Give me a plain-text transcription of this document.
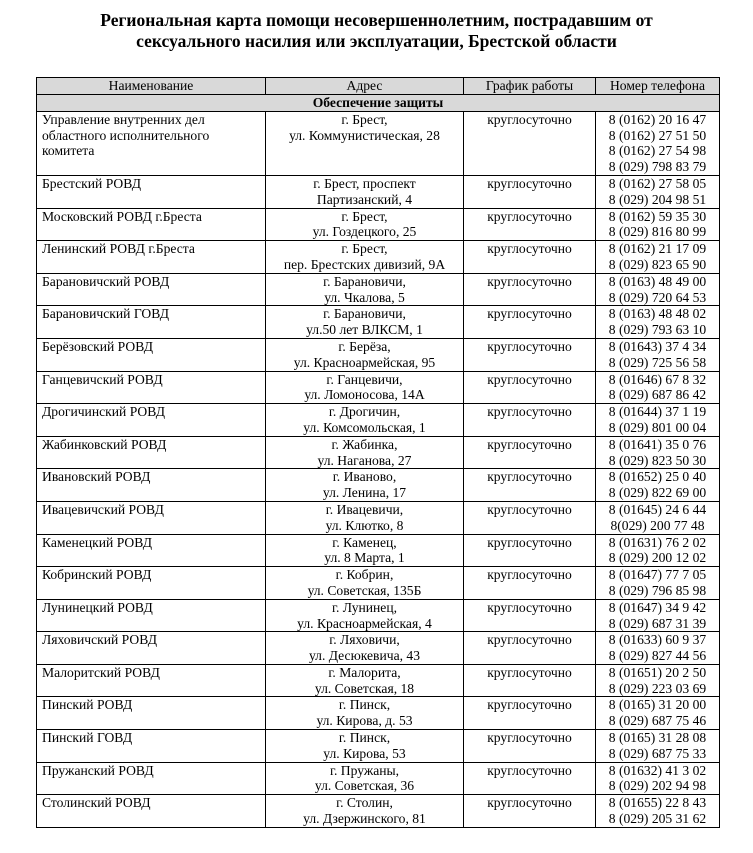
Региональная карта помощи несовершеннолетним, пострадавшим от
сексуального насилия или эксплуатации, Брестской области
Наименование	Адрес	График работы	Номер телефона
Обеспечение защиты			

Управление внутренних дел
областного исполнительного
комитета	г. Брест,
ул. Коммунистическая, 28	круглосуточно	8 (0162) 20 16 47
8 (0162) 27 51 50
8 (0162) 27 54 98
8 (029) 798 83 79

Брестский РОВД	г. Брест, проспект
Партизанский, 4	круглосуточно	8 (0162) 27 58 05
8 (029) 204 98 51

Московский РОВД г.Бреста	г. Брест,
ул. Гоздецкого, 25	круглосуточно	8 (0162) 59 35 30
8 (029) 816 80 99

Ленинский РОВД г.Бреста	г. Брест,
пер. Брестских дивизий, 9А	круглосуточно	8 (0162) 21 17 09
8 (029) 823 65 90

Барановичский РОВД	г. Барановичи,
ул. Чкалова, 5	круглосуточно	8 (0163) 48 49 00
8 (029) 720 64 53

Барановичский ГОВД	г. Барановичи,
ул.50 лет ВЛКСМ, 1	круглосуточно	8 (0163) 48 48 02
8 (029) 793 63 10

Берёзовский РОВД	г. Берёза,
ул. Красноармейская, 95	круглосуточно	8 (01643) 37 4 34
8 (029) 725 56 58

Ганцевичский РОВД	г. Ганцевичи,
ул. Ломоносова, 14А	круглосуточно	8 (01646) 67 8 32
8 (029) 687 86 42

Дрогичинский РОВД	г. Дрогичин,
ул. Комсомольская, 1	круглосуточно	8 (01644) 37 1 19
8 (029) 801 00 04

Жабинковский РОВД	г. Жабинка,
ул. Наганова, 27	круглосуточно	8 (01641) 35 0 76
8 (029) 823 50 30

Ивановский РОВД	г. Иваново,
ул. Ленина, 17	круглосуточно	8 (01652) 25 0 40
8 (029) 822 69 00

Ивацевичский РОВД	г. Ивацевичи,
ул. Клютко, 8	круглосуточно	8 (01645) 24 6 44
8(029) 200 77 48

Каменецкий РОВД	г. Каменец,
ул. 8 Марта, 1	круглосуточно	8 (01631) 76 2 02
8 (029) 200 12 02

Кобринский РОВД	г. Кобрин,
ул. Советская, 135Б	круглосуточно	8 (01647) 77 7 05
8 (029) 796 85 98

Лунинецкий РОВД	г. Лунинец,
ул. Красноармейская, 4	круглосуточно	8 (01647) 34 9 42
8 (029) 687 31 39

Ляховичский РОВД	г. Ляховичи,
ул. Десюкевича, 43	круглосуточно	8 (01633) 60 9 37
8 (029) 827 44 56

Малоритский РОВД	г. Малорита,
ул. Советская, 18	круглосуточно	8 (01651) 20 2 50
8 (029) 223 03 69

Пинский РОВД	г. Пинск,
ул. Кирова, д. 53	круглосуточно	8 (0165) 31 20 00
8 (029) 687 75 46

Пинский ГОВД	г. Пинск,
ул. Кирова, 53	круглосуточно	8 (0165) 31 28 08
8 (029) 687 75 33

Пружанский РОВД	г. Пружаны,
ул. Советская, 36	круглосуточно	8 (01632) 41 3 02
8 (029) 202 94 98

Столинский РОВД	г. Столин,
ул. Дзержинского, 81	круглосуточно	8 (01655) 22 8 43
8 (029) 205 31 62
